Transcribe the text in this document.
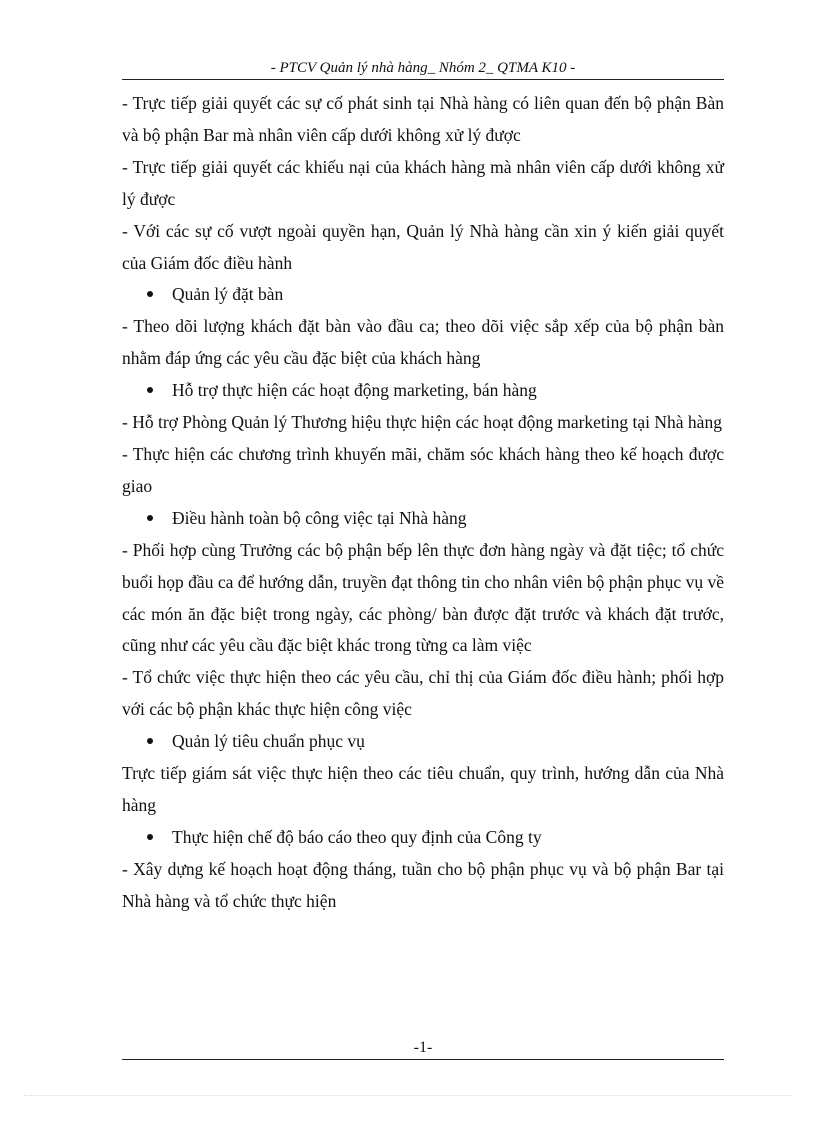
- PTCV Quản lý nhà hàng_ Nhóm 2_ QTMA K10 -

- Trực tiếp giải quyết các sự cố phát sinh tại Nhà hàng có liên quan đến bộ phận Bàn và bộ phận Bar mà nhân viên cấp dưới không xử lý được

- Trực tiếp giải quyết các khiếu nại của khách hàng mà nhân viên cấp dưới không xử lý được

- Với các sự cố vượt ngoài quyền hạn, Quản lý Nhà hàng cần xin ý kiến giải quyết của Giám đốc điều hành

Quản lý đặt bàn

- Theo dõi lượng khách đặt bàn vào đầu ca; theo dõi việc sắp xếp của bộ phận bàn nhằm đáp ứng các yêu cầu đặc biệt của khách hàng

Hỗ trợ thực hiện các hoạt động marketing, bán hàng

- Hỗ trợ Phòng Quản lý Thương hiệu thực hiện các hoạt động marketing tại Nhà hàng

- Thực hiện các chương trình khuyến mãi, chăm sóc khách hàng theo kế hoạch được giao

Điều hành toàn bộ công việc tại Nhà hàng

- Phối hợp cùng Trưởng các bộ phận bếp lên thực đơn hàng ngày và đặt tiệc; tổ chức buổi họp đầu ca để hướng dẫn, truyền đạt thông tin cho nhân viên bộ phận phục vụ về các món ăn đặc biệt trong ngày, các phòng/ bàn được đặt trước và khách đặt trước, cũng như các yêu cầu đặc biệt khác trong từng ca làm việc

- Tổ chức việc thực hiện theo các yêu cầu, chỉ thị của Giám đốc điều hành; phối hợp với các bộ phận khác thực hiện công việc

Quản lý tiêu chuẩn phục vụ

Trực tiếp giám sát việc thực hiện theo các tiêu chuẩn, quy trình, hướng dẫn của Nhà hàng

Thực hiện chế độ báo cáo theo quy định của Công ty

- Xây dựng kế hoạch hoạt động tháng, tuần cho bộ phận phục vụ và bộ phận Bar tại Nhà hàng và tổ chức thực hiện

-1-
